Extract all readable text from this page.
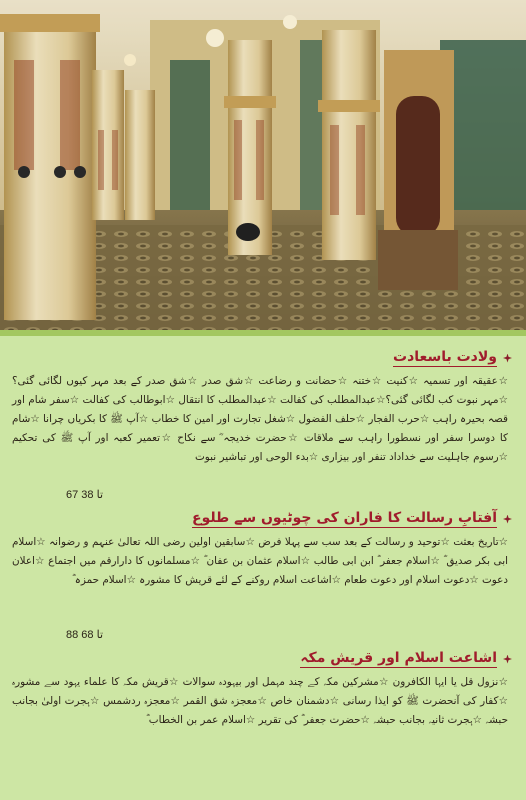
ولادت باسعادت
☆عقیقہ اور تسمیہ ☆کنیت ☆ختنہ ☆حضانت و رضاعت ☆شق صدر ☆شق صدر کے بعد مہر کیوں لگائی گئی؟☆مہر نبوت کب لگائی گئی؟☆عبدالمطلب کی کفالت ☆عبدالمطلب کا انتقال ☆ابوطالب کی کفالت ☆سفر شام اور قصہ بحیرہ راہب ☆حرب الفجار ☆حلف الفضول ☆شغل تجارت اور امین کا خطاب ☆آپ ﷺ کا بکریاں چرانا ☆شام کا دوسرا سفر اور نسطورا راہب سے ملاقات ☆حضرت خدیجہ ؓ سے نکاح ☆تعمیر کعبہ اور آپ ﷺ کی تحکیم ☆رسوم جاہلیت سے خداداد تنفر اور بیزاری ☆بدء الوحی اور تباشیر نبوت
67 تا 38
آفتابِ رسالت کا فاران کی چوٹیوں سے طلوع
☆تاریخ بعثت ☆توحید و رسالت کے بعد سب سے پہلا فرض ☆سابقین اولین رضی اللہ تعالیٰ عنہم و رضوانہ ☆اسلام ابی بکر صدیق ؓ ☆اسلام جعفر ؓ ابن ابی طالب ☆اسلام عثمان بن عفان ؓ ☆مسلمانوں کا دارارقم میں اجتماع ☆اعلان دعوت ☆دعوت اسلام اور دعوت طعام ☆اشاعت اسلام روکنے کے لئے قریش کا مشورہ ☆اسلام حمزہ ؓ
88 تا 68
اشاعت اسلام اور قریش مکہ
☆نزول قل یا ایہا الکافرون ☆مشرکین مکہ کے چند مہمل اور بیہودہ سوالات ☆قریش مکہ کا علماء یہود سے مشورہ ☆کفار کی آنحضرت ﷺ کو ایذا رسانی ☆دشمنان خاص ☆معجزہ شق القمر ☆معجزہ ردشمس ☆ہجرت اولیٰ بجانب حبشہ ☆ہجرت ثانیہ بجانب حبشہ ☆حضرت جعفر ؓ کی تقریر ☆اسلام عمر بن الخطاب ؓ
